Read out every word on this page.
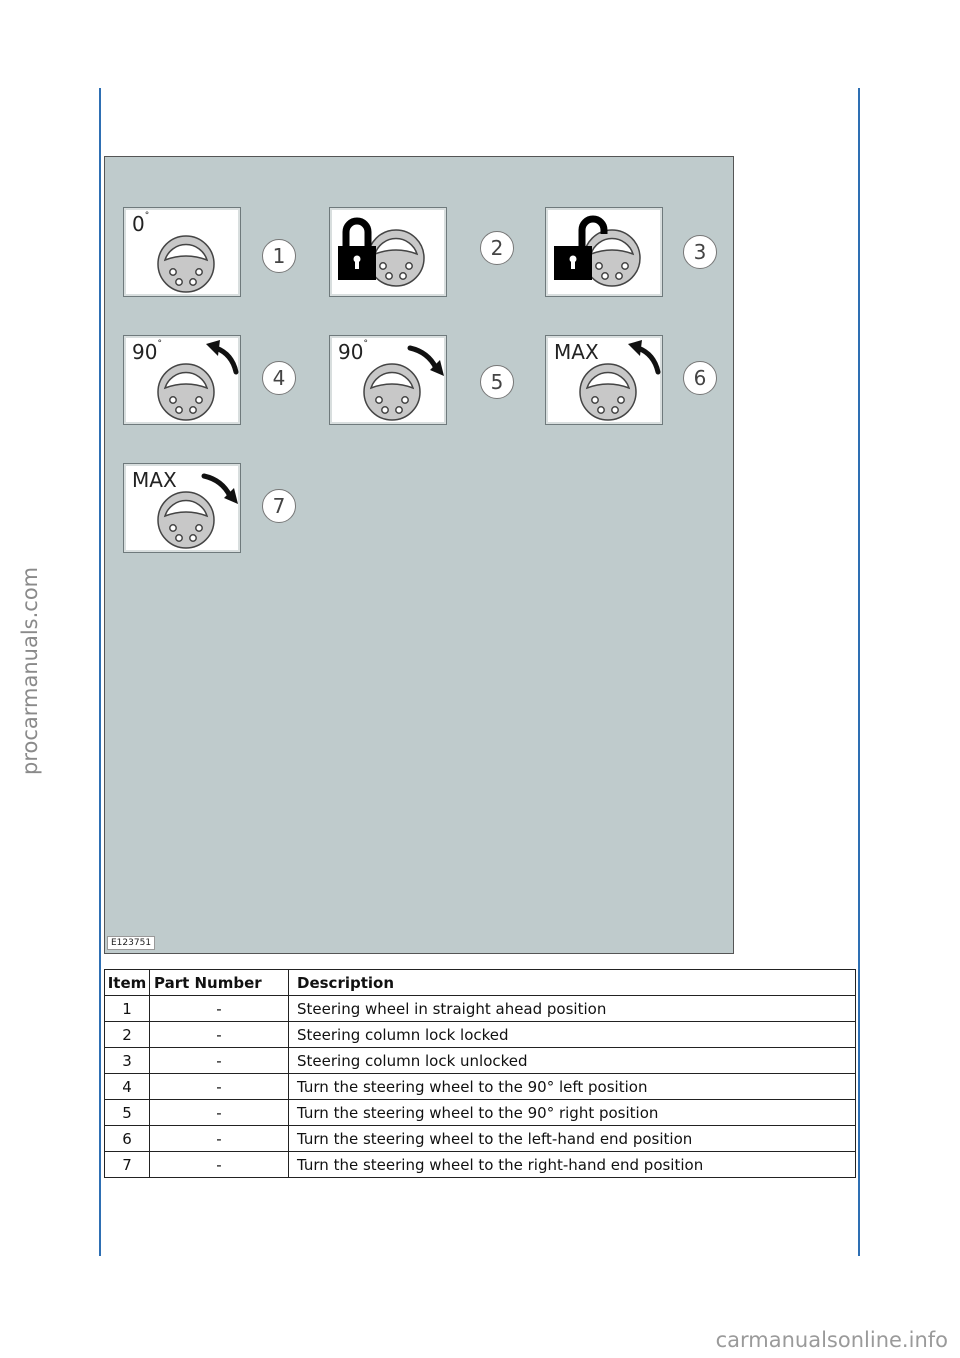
0°
1	2	3
90°
4
90°
5
MAX
6
MAX
7
E123751
Item	Part Number	Description
1	-	Steering wheel in straight ahead position
2	-	Steering column lock locked
3	-	Steering column lock unlocked
4	-	Turn the steering wheel to the 90° left position
5	-	Turn the steering wheel to the 90° right position
6	-	Turn the steering wheel to the left-hand end position
7	-	Turn the steering wheel to the right-hand end position
procarmanuals.com
carmanualsonline.info
